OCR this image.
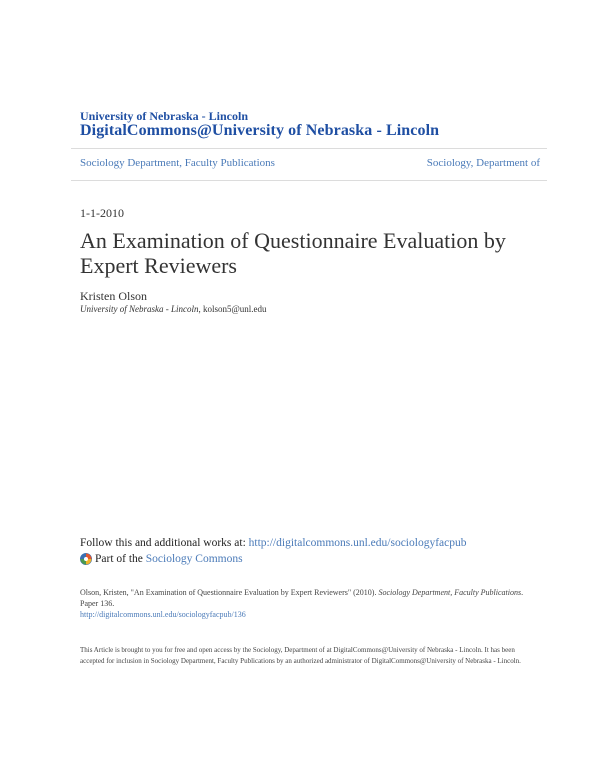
University of Nebraska - Lincoln
DigitalCommons@University of Nebraska - Lincoln
Sociology Department, Faculty Publications	Sociology, Department of
1-1-2010
An Examination of Questionnaire Evaluation by Expert Reviewers
Kristen Olson
University of Nebraska - Lincoln, kolson5@unl.edu
Follow this and additional works at: http://digitalcommons.unl.edu/sociologyfacpub
Part of the
Sociology Commons
Olson, Kristen, "An Examination of Questionnaire Evaluation by Expert Reviewers" (2010). Sociology Department, Faculty Publications. Paper 136.
http://digitalcommons.unl.edu/sociologyfacpub/136
This Article is brought to you for free and open access by the Sociology, Department of at DigitalCommons@University of Nebraska - Lincoln. It has been accepted for inclusion in Sociology Department, Faculty Publications by an authorized administrator of DigitalCommons@University of Nebraska - Lincoln.
